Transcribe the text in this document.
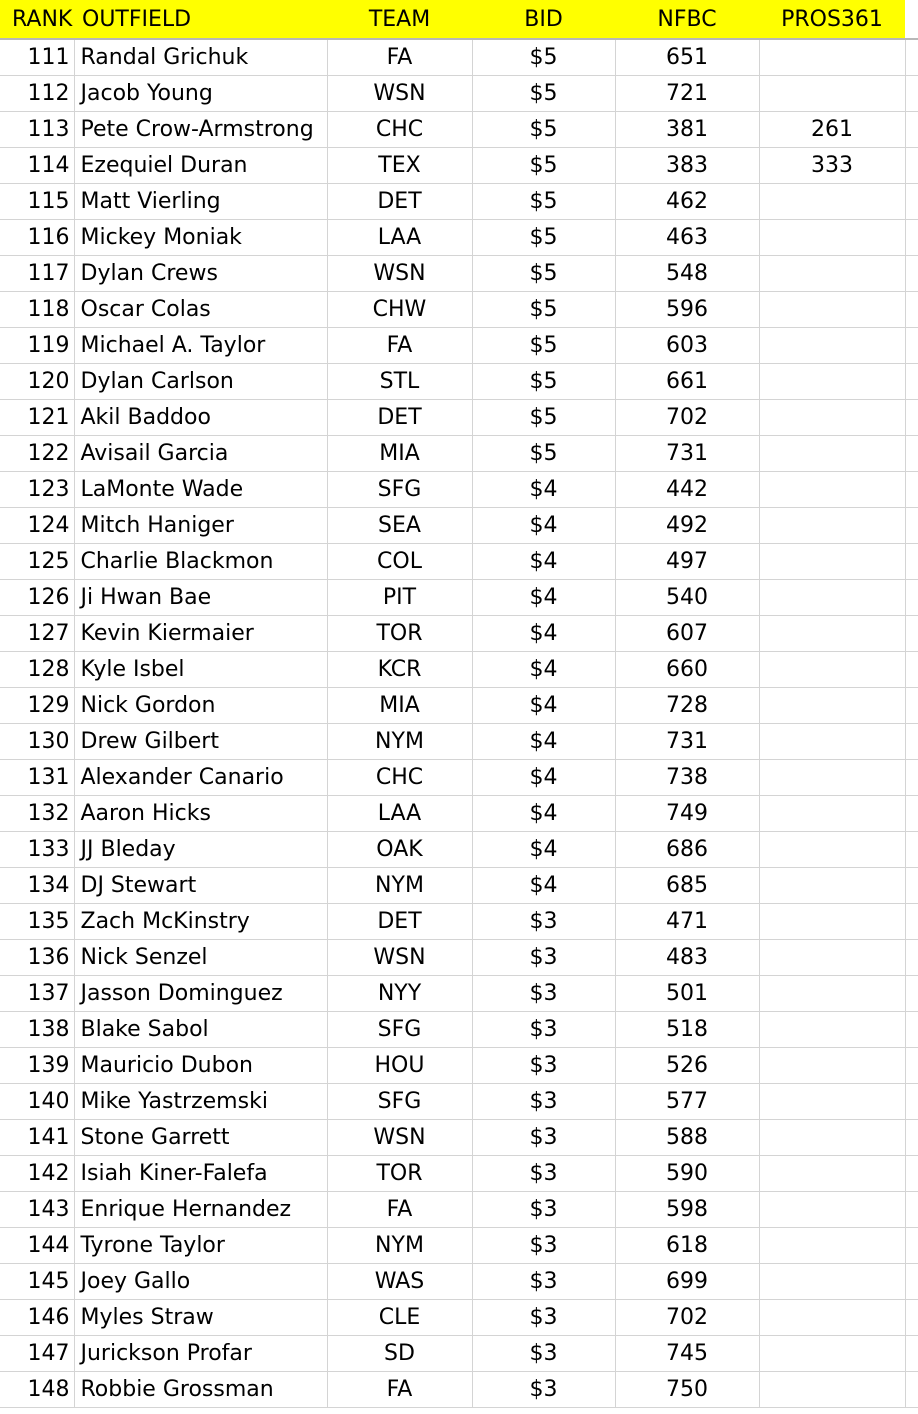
RANK	OUTFIELD	TEAM	BID	NFBC	PROS361	
111	Randal Grichuk	FA	$5	651		
112	Jacob Young	WSN	$5	721		
113	Pete Crow-Armstrong	CHC	$5	381	261	
114	Ezequiel Duran	TEX	$5	383	333	
115	Matt Vierling	DET	$5	462		
116	Mickey Moniak	LAA	$5	463		
117	Dylan Crews	WSN	$5	548		
118	Oscar Colas	CHW	$5	596		
119	Michael A. Taylor	FA	$5	603		
120	Dylan Carlson	STL	$5	661		
121	Akil Baddoo	DET	$5	702		
122	Avisail Garcia	MIA	$5	731		
123	LaMonte Wade	SFG	$4	442		
124	Mitch Haniger	SEA	$4	492		
125	Charlie Blackmon	COL	$4	497		
126	Ji Hwan Bae	PIT	$4	540		
127	Kevin Kiermaier	TOR	$4	607		
128	Kyle Isbel	KCR	$4	660		
129	Nick Gordon	MIA	$4	728		
130	Drew Gilbert	NYM	$4	731		
131	Alexander Canario	CHC	$4	738		
132	Aaron Hicks	LAA	$4	749		
133	JJ Bleday	OAK	$4	686		
134	DJ Stewart	NYM	$4	685		
135	Zach McKinstry	DET	$3	471		
136	Nick Senzel	WSN	$3	483		
137	Jasson Dominguez	NYY	$3	501		
138	Blake Sabol	SFG	$3	518		
139	Mauricio Dubon	HOU	$3	526		
140	Mike Yastrzemski	SFG	$3	577		
141	Stone Garrett	WSN	$3	588		
142	Isiah Kiner-Falefa	TOR	$3	590		
143	Enrique Hernandez	FA	$3	598		
144	Tyrone Taylor	NYM	$3	618		
145	Joey Gallo	WAS	$3	699		
146	Myles Straw	CLE	$3	702		
147	Jurickson Profar	SD	$3	745		
148	Robbie Grossman	FA	$3	750		
